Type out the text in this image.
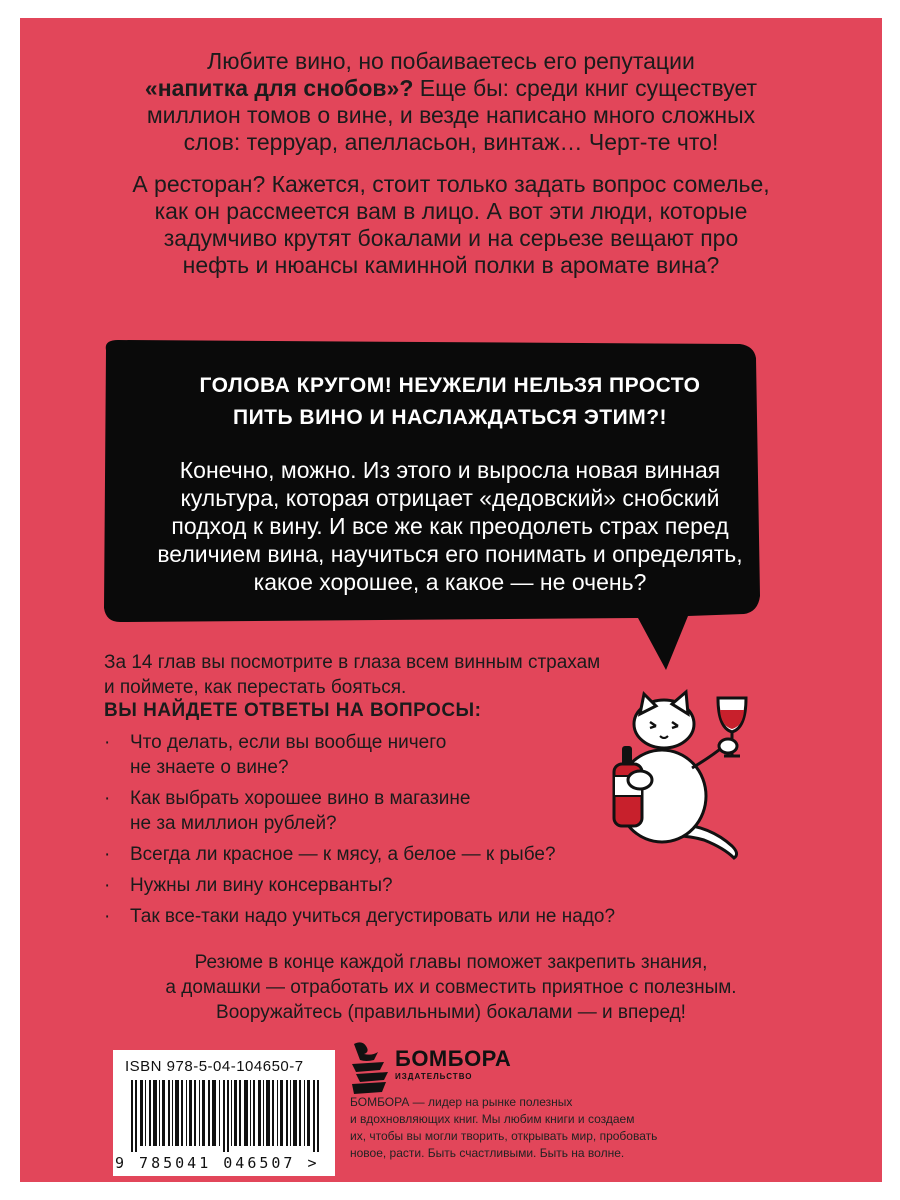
Любите вино, но побаиваетесь его репутации
«напитка для снобов»? Еще бы: среди книг существует
миллион томов о вине, и везде написано много сложных
слов: терруар, апелласьон, винтаж… Черт-те что!

А ресторан? Кажется, стоит только задать вопрос сомелье,
как он рассмеется вам в лицо. А вот эти люди, которые
задумчиво крутят бокалами и на серьезе вещают про
нефть и нюансы каминной полки в аромате вина?

ГОЛОВА КРУГОМ! НЕУЖЕЛИ НЕЛЬЗЯ ПРОСТО
ПИТЬ ВИНО И НАСЛАЖДАТЬСЯ ЭТИМ?!
Конечно, можно. Из этого и выросла новая винная
культура, которая отрицает «дедовский» снобский
подход к вину. И все же как преодолеть страх перед
величием вина, научиться его понимать и определять,
какое хорошее, а какое — не очень?
За 14 глав вы посмотрите в глаза всем винным страхам
и поймете, как перестать бояться.
ВЫ НАЙДЕТЕ ОТВЕТЫ НА ВОПРОСЫ:
· Что делать, если вы вообще ничего
не знаете о вине?
· Как выбрать хорошее вино в магазине
не за миллион рублей?
· Всегда ли красное — к мясу, а белое — к рыбе?
· Нужны ли вину консерванты?
· Так все-таки надо учиться дегустировать или не надо?
Резюме в конце каждой главы поможет закрепить знания,
а домашки — отработать их и совместить приятное с полезным.
Вооружайтесь (правильными) бокалами — и вперед!
ISBN 978-5-04-104650-7
9 785041 046507 >
БОМБОРА
ИЗДАТЕЛЬСТВО
БОМБОРА — лидер на рынке полезных
и вдохновляющих книг. Мы любим книги и создаем
их, чтобы вы могли творить, открывать мир, пробовать
новое, расти. Быть счастливыми. Быть на волне.
